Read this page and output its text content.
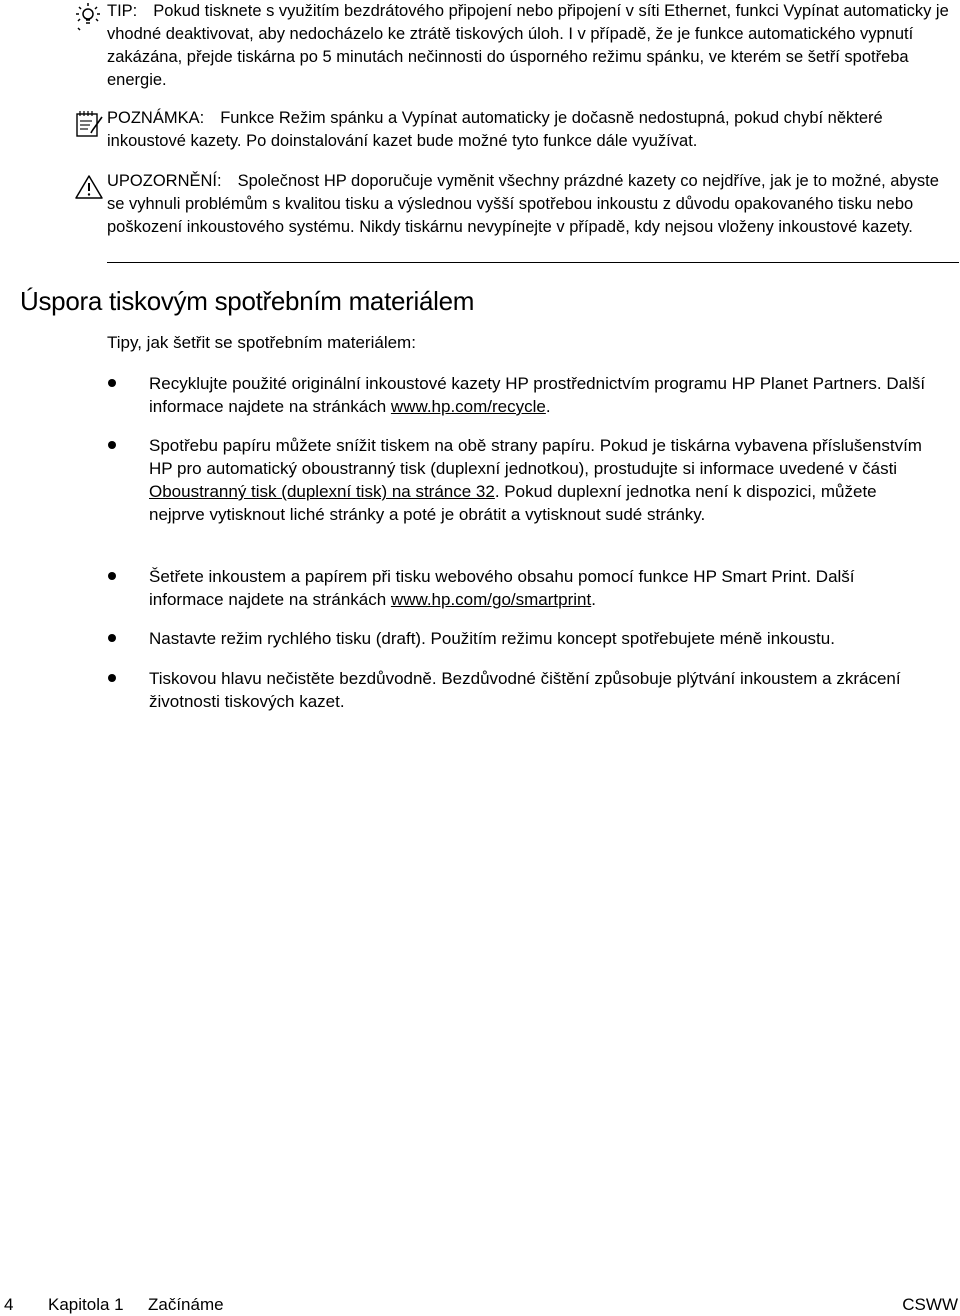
TIP: Pokud tisknete s využitím bezdrátového připojení nebo připojení v síti Ethernet, funkci Vypínat automaticky je vhodné deaktivovat, aby nedocházelo ke ztrátě tiskových úloh. I v případě, že je funkce automatického vypnutí zakázána, přejde tiskárna po 5 minutách nečinnosti do úsporného režimu spánku, ve kterém se šetří spotřeba energie.
POZNÁMKA: Funkce Režim spánku a Vypínat automaticky je dočasně nedostupná, pokud chybí některé inkoustové kazety. Po doinstalování kazet bude možné tyto funkce dále využívat.
UPOZORNĚNÍ: Společnost HP doporučuje vyměnit všechny prázdné kazety co nejdříve, jak je to možné, abyste se vyhnuli problémům s kvalitou tisku a výslednou vyšší spotřebou inkoustu z důvodu opakovaného tisku nebo poškození inkoustového systému. Nikdy tiskárnu nevypínejte v případě, kdy nejsou vloženy inkoustové kazety.
Úspora tiskovým spotřebním materiálem
Tipy, jak šetřit se spotřebním materiálem:
Recyklujte použité originální inkoustové kazety HP prostřednictvím programu HP Planet Partners. Další informace najdete na stránkách www.hp.com/recycle.
Spotřebu papíru můžete snížit tiskem na obě strany papíru. Pokud je tiskárna vybavena příslušenstvím HP pro automatický oboustranný tisk (duplexní jednotkou), prostudujte si informace uvedené v části Oboustranný tisk (duplexní tisk) na stránce 32. Pokud duplexní jednotka není k dispozici, můžete nejprve vytisknout liché stránky a poté je obrátit a vytisknout sudé stránky.
Šetřete inkoustem a papírem při tisku webového obsahu pomocí funkce HP Smart Print. Další informace najdete na stránkách www.hp.com/go/smartprint.
Nastavte režim rychlého tisku (draft). Použitím režimu koncept spotřebujete méně inkoustu.
Tiskovou hlavu nečistěte bezdůvodně. Bezdůvodné čištění způsobuje plýtvání inkoustem a zkrácení životnosti tiskových kazet.
4 Kapitola 1 Začínáme	CSWW
